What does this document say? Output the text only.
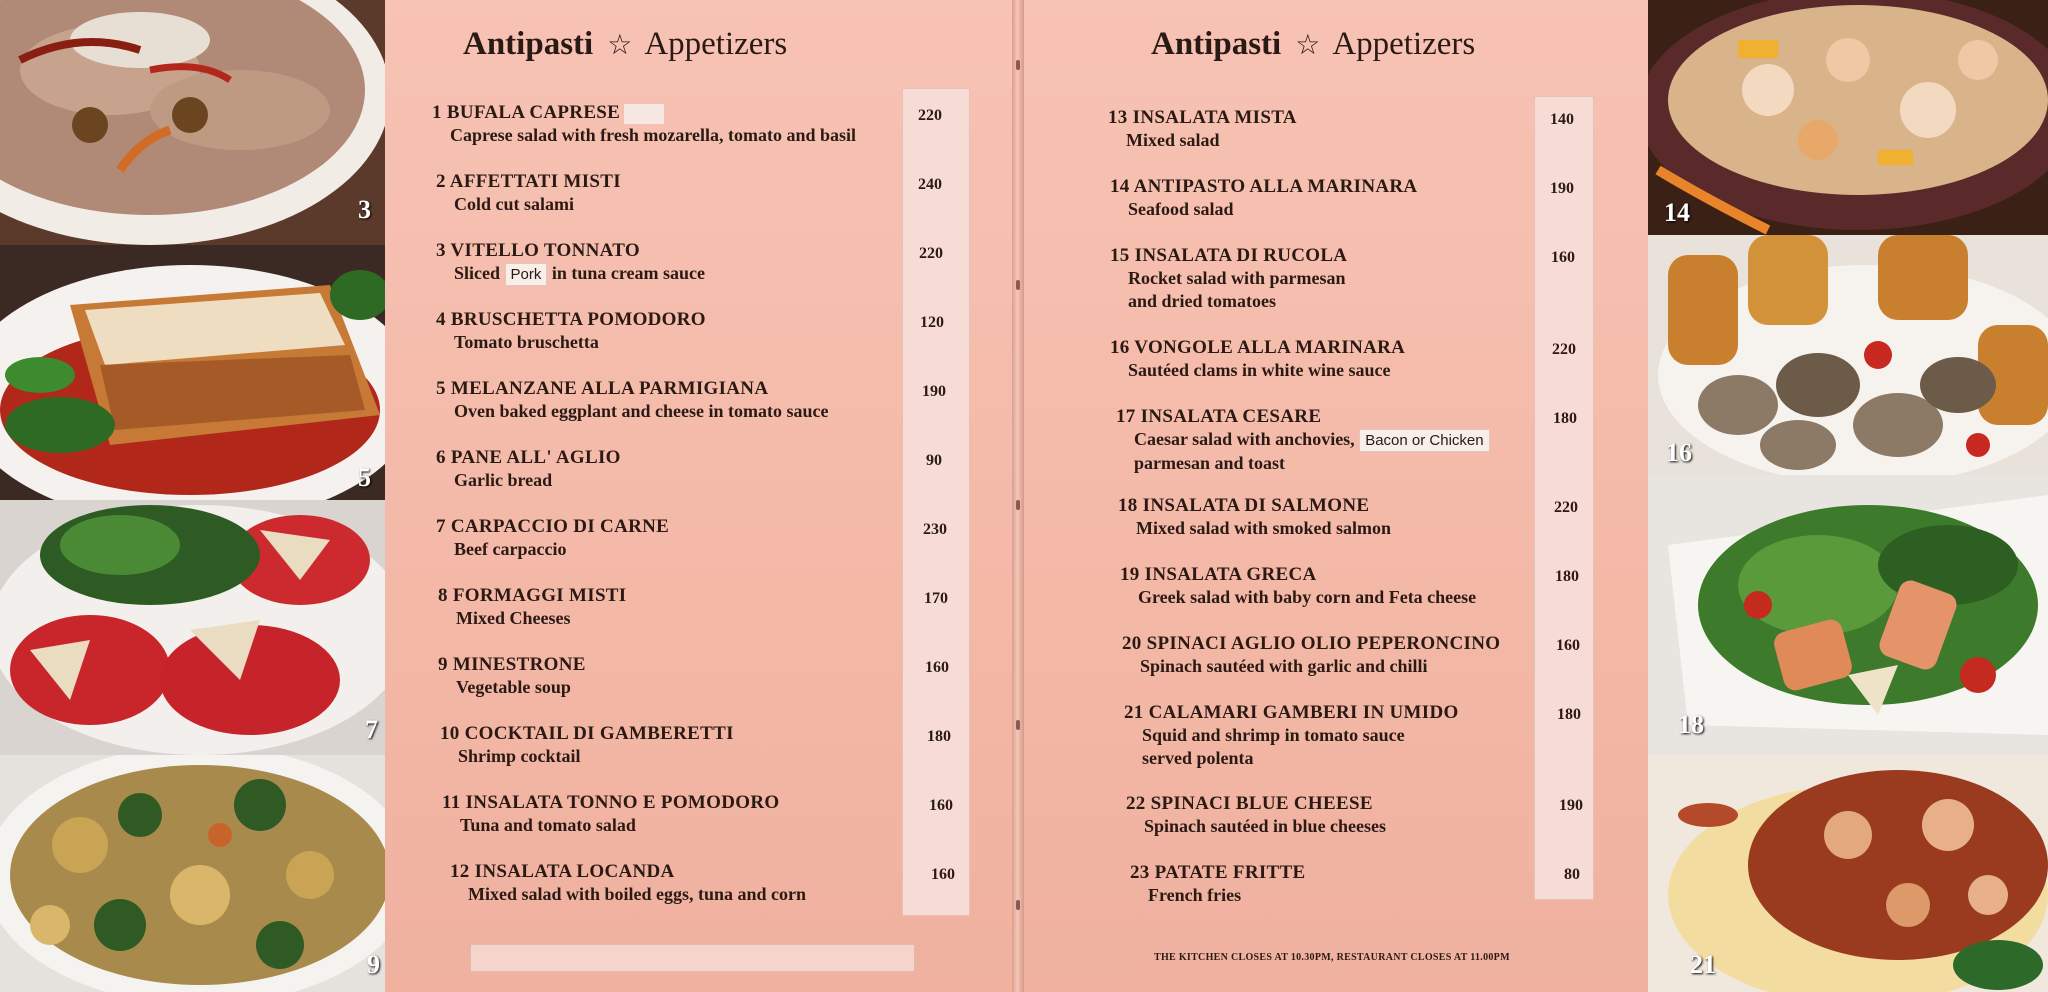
3
5
7
9
Antipasti ☆ Appetizers
1 BUFALA CAPRESE
Caprese salad with fresh mozarella, tomato and basil
2 AFFETTATI MISTI
Cold cut salami
3 VITELLO TONNATO
Sliced Pork in tuna cream sauce
4 BRUSCHETTA POMODORO
Tomato bruschetta
5 MELANZANE ALLA PARMIGIANA
Oven baked eggplant and cheese in tomato sauce
6 PANE ALL' AGLIO
Garlic bread
7 CARPACCIO DI CARNE
Beef carpaccio
8 FORMAGGI MISTI
Mixed Cheeses
9 MINESTRONE
Vegetable soup
10 COCKTAIL DI GAMBERETTI
Shrimp cocktail
11 INSALATA TONNO E POMODORO
Tuna and tomato salad
12 INSALATA LOCANDA
Mixed salad with boiled eggs, tuna and corn
220
240
220
120
190
90
230
170
160
180
160
160
Antipasti ☆ Appetizers
13 INSALATA MISTA
Mixed salad
14 ANTIPASTO ALLA MARINARA
Seafood salad
15 INSALATA DI RUCOLA
Rocket salad with parmesan
and dried tomatoes
16 VONGOLE ALLA MARINARA
Sautéed clams in white wine sauce
17 INSALATA CESARE
Caesar salad with anchovies, Bacon or Chicken
parmesan and toast
18 INSALATA DI SALMONE
Mixed salad with smoked salmon
19 INSALATA GRECA
Greek salad with baby corn and Feta cheese
20 SPINACI AGLIO OLIO PEPERONCINO
Spinach sautéed with garlic and chilli
21 CALAMARI GAMBERI IN UMIDO
Squid and shrimp in tomato sauce
served polenta
22 SPINACI BLUE CHEESE
Spinach sautéed in blue cheeses
23 PATATE FRITTE
French fries
140
190
160
220
180
220
180
160
180
190
80
THE KITCHEN CLOSES AT 10.30PM, RESTAURANT CLOSES AT 11.00PM
14
16
18
21
